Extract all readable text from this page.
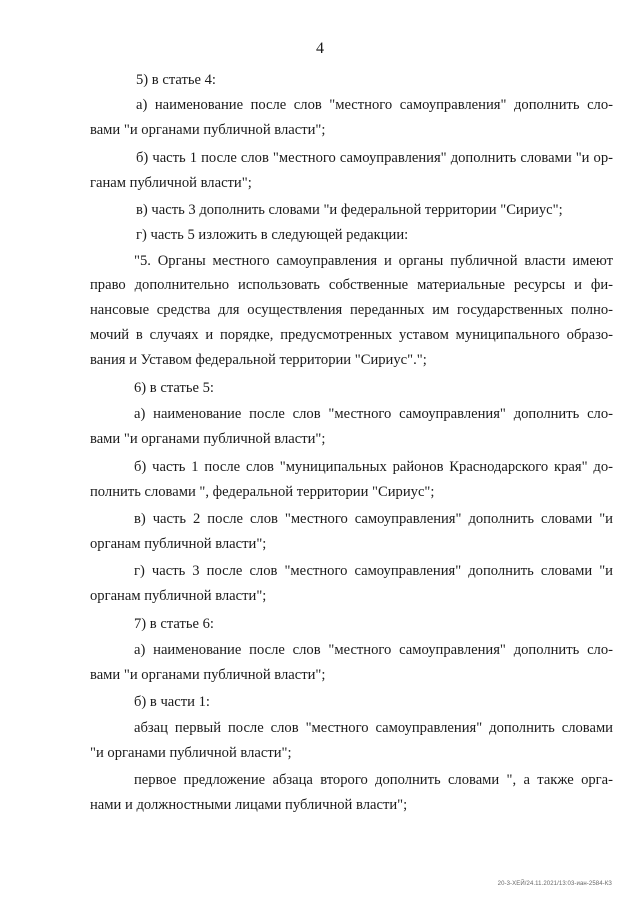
4
5) в статье 4:
а) наименование после слов "местного самоуправления" дополнить сло-
вами "и органами публичной власти";
б) часть 1 после слов "местного самоуправления" дополнить словами "и ор-
ганам публичной власти";
в) часть 3 дополнить словами "и федеральной территории "Сириус";
г) часть 5 изложить в следующей редакции:
"5. Органы местного самоуправления и органы публичной власти имеют
право дополнительно использовать собственные материальные ресурсы и фи-
нансовые средства для осуществления переданных им государственных полно-
мочий в случаях и порядке, предусмотренных уставом муниципального образо-
вания и Уставом федеральной территории "Сириус".";
6) в статье 5:
а) наименование после слов "местного самоуправления" дополнить сло-
вами "и органами публичной власти";
б) часть 1 после слов "муниципальных районов Краснодарского края" до-
полнить словами ", федеральной территории "Сириус";
в) часть 2 после слов "местного самоуправления" дополнить словами "и
органам публичной власти";
г) часть 3 после слов "местного самоуправления" дополнить словами "и
органам публичной власти";
7) в статье 6:
а) наименование после слов "местного самоуправления" дополнить сло-
вами "и органами публичной власти";
б) в части 1:
абзац первый после слов "местного самоуправления" дополнить словами
"и органами публичной власти";
первое предложение абзаца второго дополнить словами ", а также орга-
нами и должностными лицами публичной власти";
20-3-ХЕЙ/24.11.2021/13:03-иан-2584-КЗ
